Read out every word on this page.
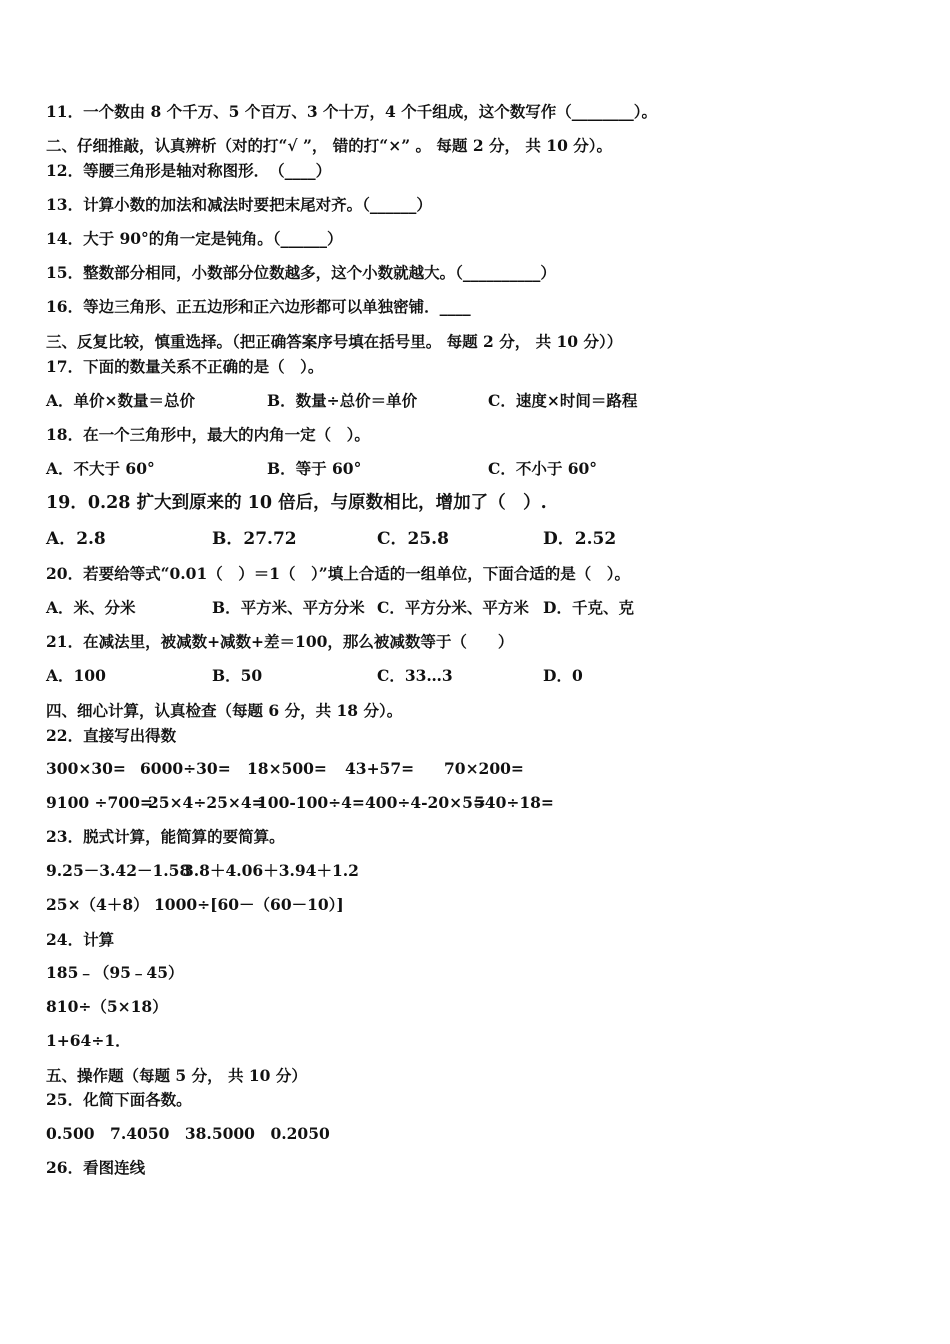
11．一个数由 8 个千万、5 个百万、3 个十万，4 个千组成，这个数写作（________）。
二、仔细推敲，认真辨析（对的打“√ ”， 错的打“×” 。 每题 2 分， 共 10 分）。
12．等腰三角形是轴对称图形．　（____）
13．计算小数的加法和减法时要把末尾对齐。（______）
14．大于 90°的角一定是钝角。（______）
15．整数部分相同，小数部分位数越多，这个小数就越大。（__________）
16．等边三角形、正五边形和正六边形都可以单独密铺．____
三、反复比较，慎重选择。（把正确答案序号填在括号里。 每题 2 分， 共 10 分））
17．下面的数量关系不正确的是（　）。
A．单价×数量＝总价	B．数量÷总价＝单价	C．速度×时间＝路程
18．在一个三角形中，最大的内角一定（　）。
A．不大于 60°	B．等于 60°	C．不小于 60°
19．0.28 扩大到原来的 10 倍后，与原数相比，增加了（　）.
A．2.8	B．27.72	C．25.8	D．2.52
20．若要给等式“0.01（　）＝1（　）”填上合适的一组单位，下面合适的是（　）。
A．米、分米	B．平方米、平方分米 C．平方分米、平方米 D．千克、克
21．在减法里，被减数+减数+差＝100，那么被减数等于（　　）
A．100	B．50	C．33…3	D．0
四、细心计算，认真检查（每题 6 分，共 18 分）。
22．直接写出得数
300×30= 6000÷30= 18×500= 43+57= 70×200=
9100 ÷700=
25×4÷25×4=
100-100÷4= 400÷4-20×5=
540÷18=
23．脱式计算，能简算的要简算。
9.25－3.42－1.58
3.8＋4.06＋3.94＋1.2
25×（4＋8） 1000÷[60－（60－10）]
24．计算
185﹣（95﹣45）
810÷（5×18）
1+64÷1．
五、操作题（每题 5 分， 共 10 分）
25．化简下面各数。
0.500　7.4050　38.5000　0.2050
26．看图连线
